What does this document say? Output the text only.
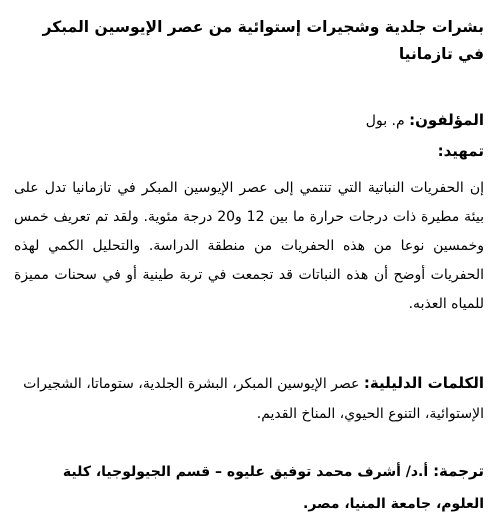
بشرات جلدية وشجيرات إستوائية من عصر الإيوسين المبكر في تازمانيا

المؤلفون: م. بول

تمهيد:

إن الحفريات النباتية التي تنتمي إلى عصر الإيوسين المبكر في تازمانيا تدل على بيئة مطيرة ذات درجات حرارة ما بين 12 و20 درجة مئوية. ولقد تم تعريف خمس وخمسين نوعا من هذه الحفريات من منطقة الدراسة. والتحليل الكمي لهذه الحفريات أوضح أن هذه النباتات قد تجمعت في تربة طينية أو في سحنات مميزة للمياه العذبه.

الكلمات الدليلية: عصر الإيوسين المبكر، البشرة الجلدية، ستوماتا، الشجيرات الإستوائية، التنوع الحيوي، المناخ القديم.

ترجمة: أ.د/ أشرف محمد توفيق عليوه – قسم الجيولوجيا، كلية العلوم، جامعة المنيا، مصر.
